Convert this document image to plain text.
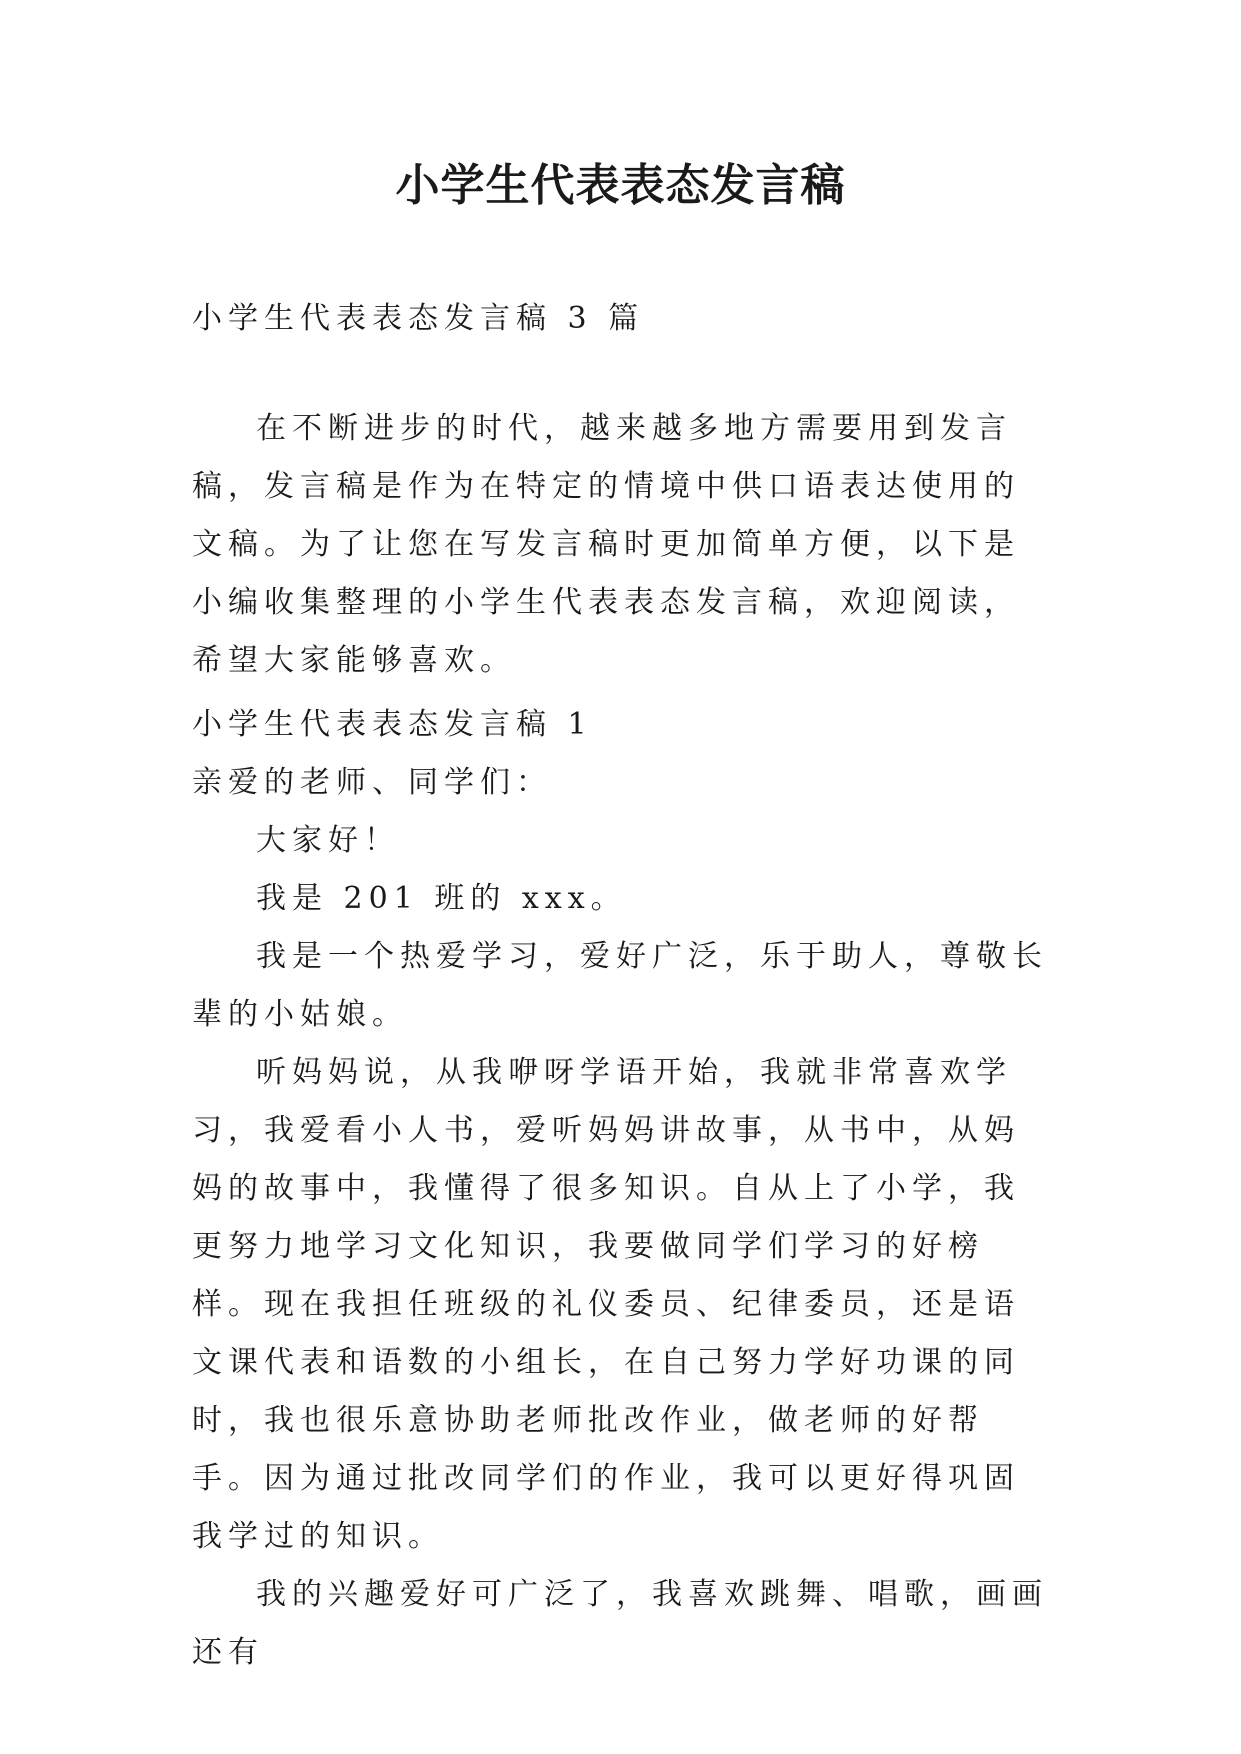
小学生代表表态发言稿
小学生代表表态发言稿 3 篇
在不断进步的时代，越来越多地方需要用到发言稿，发言稿是作为在特定的情境中供口语表达使用的文稿。为了让您在写发言稿时更加简单方便，以下是小编收集整理的小学生代表表态发言稿，欢迎阅读，希望大家能够喜欢。

小学生代表表态发言稿 1

亲爱的老师、同学们：

大家好！

我是 201 班的 xxx。

我是一个热爱学习，爱好广泛，乐于助人，尊敬长辈的小姑娘。

听妈妈说，从我咿呀学语开始，我就非常喜欢学习，我爱看小人书，爱听妈妈讲故事，从书中，从妈妈的故事中，我懂得了很多知识。自从上了小学，我更努力地学习文化知识，我要做同学们学习的好榜样。现在我担任班级的礼仪委员、纪律委员，还是语文课代表和语数的小组长，在自己努力学好功课的同时，我也很乐意协助老师批改作业，做老师的好帮手。因为通过批改同学们的作业，我可以更好得巩固我学过的知识。

我的兴趣爱好可广泛了，我喜欢跳舞、唱歌，画画还有
